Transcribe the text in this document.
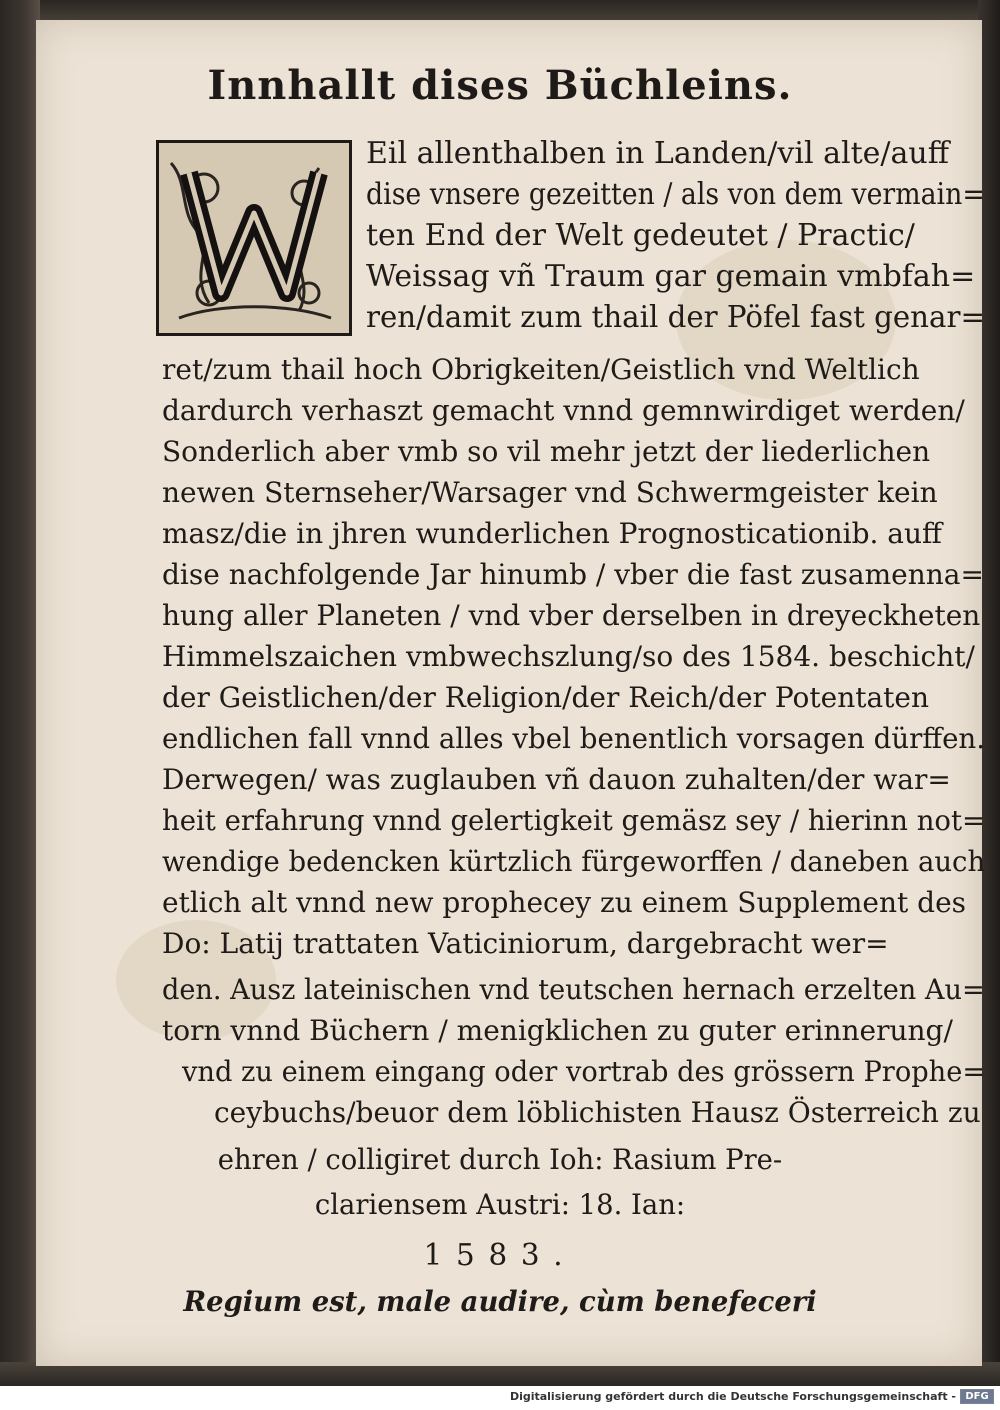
Innhallt dises Büchleins.
Eil allenthalben in Landen/vil alte/auff
dise vnsere gezeitten / als von dem vermain=
ten End der Welt gedeutet / Practic/
Weissag vñ Traum gar gemain vmbfah=
ren/damit zum thail der Pöfel fast genar=
ret/zum thail hoch Obrigkeiten/Geistlich vnd Weltlich
dardurch verhaszt gemacht vnnd gemnwirdiget werden/
Sonderlich aber vmb so vil mehr jetzt der liederlichen
newen Sternseher/Warsager vnd Schwermgeister kein
masz/die in jhren wunderlichen Prognosticationib. auff
dise nachfolgende Jar hinumb / vber die fast zusamenna=
hung aller Planeten / vnd vber derselben in dreyeckheten
Himmelszaichen vmbwechszlung/so des 1584. beschicht/
der Geistlichen/der Religion/der Reich/der Potentaten
endlichen fall vnnd alles vbel benentlich vorsagen dürffen.
Derwegen/ was zuglauben vñ dauon zuhalten/der war=
heit erfahrung vnnd gelertigkeit gemäsz sey / hierinn not=
wendige bedencken kürtzlich fürgeworffen / daneben auch
etlich alt vnnd new prophecey zu einem Supplement des
Do: Latij trattaten Vaticiniorum, dargebracht wer=
den. Ausz lateinischen vnd teutschen hernach erzelten Au=
torn vnnd Büchern / menigklichen zu guter erinnerung/
vnd zu einem eingang oder vortrab des grössern Prophe=
ceybuchs/beuor dem löblichisten Hausz Österreich zu
ehren / colligiret durch Ioh: Rasium Pre-
clariensem Austri: 18. Ian:
1583.
Regium est, male audire, cùm benefeceri
Digitalisierung gefördert durch die Deutsche Forschungsgemeinschaft - DFG
